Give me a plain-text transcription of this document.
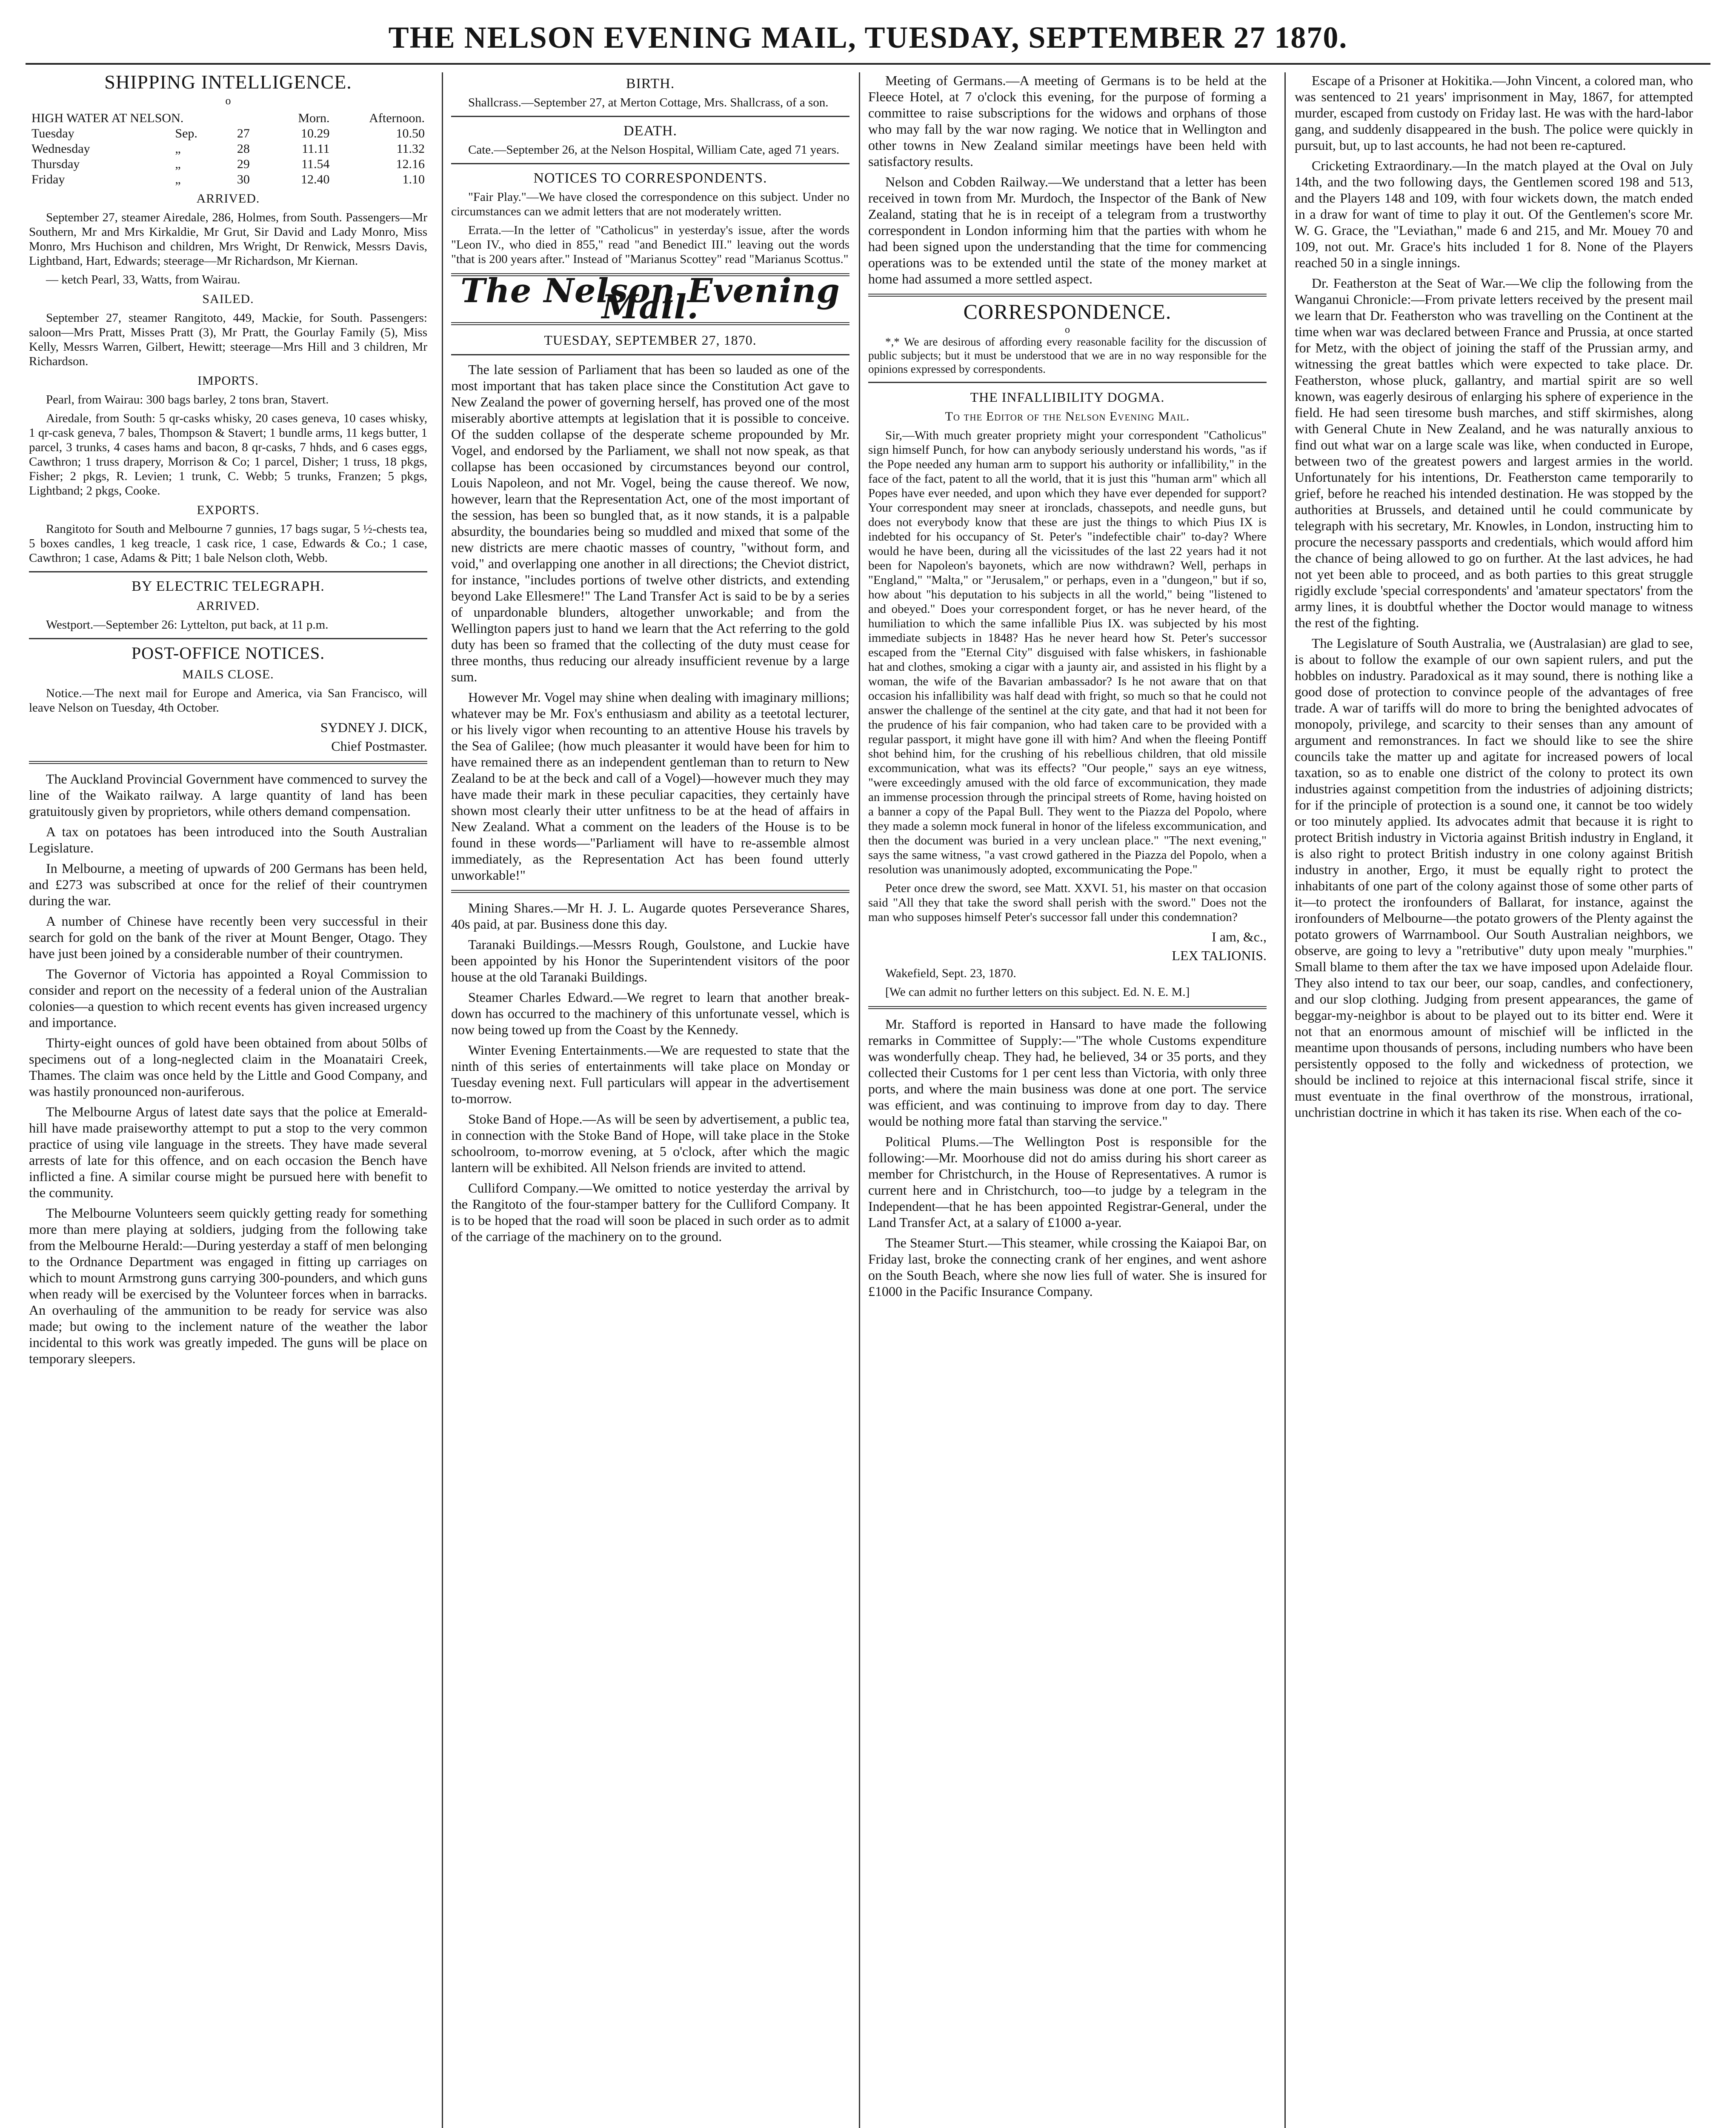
THE NELSON EVENING MAIL, TUESDAY, SEPTEMBER 27 1870.
SHIPPING INTELLIGENCE.
o
HIGH WATER AT NELSON.			Morn.	Afternoon.
Tuesday	Sep.	27	10.29	10.50
Wednesday	„	28	11.11	11.32
Thursday	„	29	11.54	12.16
Friday	„	30	12.40	1.10
ARRIVED.

September 27, steamer Airedale, 286, Holmes, from South. Passengers—Mr Southern, Mr and Mrs Kirkaldie, Mr Grut, Sir David and Lady Monro, Miss Monro, Mrs Huchison and children, Mrs Wright, Dr Renwick, Messrs Davis, Lightband, Hart, Edwards; steerage—Mr Richardson, Mr Kiernan.

— ketch Pearl, 33, Watts, from Wairau.

SAILED.

September 27, steamer Rangitoto, 449, Mackie, for South. Passengers: saloon—Mrs Pratt, Misses Pratt (3), Mr Pratt, the Gourlay Family (5), Miss Kelly, Messrs Warren, Gilbert, Hewitt; steerage—Mrs Hill and 3 children, Mr Richardson.

IMPORTS.

Pearl, from Wairau: 300 bags barley, 2 tons bran, Stavert.

Airedale, from South: 5 qr-casks whisky, 20 cases geneva, 10 cases whisky, 1 qr-cask geneva, 7 bales, Thompson & Stavert; 1 bundle arms, 11 kegs butter, 1 parcel, 3 trunks, 4 cases hams and bacon, 8 qr-casks, 7 hhds, and 6 cases eggs, Cawthron; 1 truss drapery, Morrison & Co; 1 parcel, Disher; 1 truss, 18 pkgs, Fisher; 2 pkgs, R. Levien; 1 trunk, C. Webb; 5 trunks, Franzen; 5 pkgs, Lightband; 2 pkgs, Cooke.

EXPORTS.

Rangitoto for South and Melbourne 7 gunnies, 17 bags sugar, 5 ½-chests tea, 5 boxes candles, 1 keg treacle, 1 cask rice, 1 case, Edwards & Co.; 1 case, Cawthron; 1 case, Adams & Pitt; 1 bale Nelson cloth, Webb.

BY ELECTRIC TELEGRAPH.
ARRIVED.

Westport.—September 26: Lyttelton, put back, at 11 p.m.

POST-OFFICE NOTICES.
MAILS CLOSE.

Notice.—The next mail for Europe and America, via San Francisco, will leave Nelson on Tuesday, 4th October.

SYDNEY J. DICK,
Chief Postmaster.

The Auckland Provincial Government have commenced to survey the line of the Waikato railway. A large quantity of land has been gratuitously given by proprietors, while others demand compensation.

A tax on potatoes has been introduced into the South Australian Legislature.

In Melbourne, a meeting of upwards of 200 Germans has been held, and £273 was subscribed at once for the relief of their countrymen during the war.

A number of Chinese have recently been very successful in their search for gold on the bank of the river at Mount Benger, Otago. They have just been joined by a considerable number of their countrymen.

The Governor of Victoria has appointed a Royal Commission to consider and report on the necessity of a federal union of the Australian colonies—a question to which recent events has given increased urgency and importance.

Thirty-eight ounces of gold have been obtained from about 50lbs of specimens out of a long-neglected claim in the Moanatairi Creek, Thames. The claim was once held by the Little and Good Company, and was hastily pronounced non-auriferous.

The Melbourne Argus of latest date says that the police at Emerald-hill have made praiseworthy attempt to put a stop to the very common practice of using vile language in the streets. They have made several arrests of late for this offence, and on each occasion the Bench have inflicted a fine. A similar course might be pursued here with benefit to the community.

The Melbourne Volunteers seem quickly getting ready for something more than mere playing at soldiers, judging from the following take from the Melbourne Herald:—During yesterday a staff of men belonging to the Ordnance Department was engaged in fitting up carriages on which to mount Armstrong guns carrying 300-pounders, and which guns when ready will be exercised by the Volunteer forces when in barracks. An overhauling of the ammunition to be ready for service was also made; but owing to the inclement nature of the weather the labor incidental to this work was greatly impeded. The guns will be place on temporary sleepers.

BIRTH.

Shallcrass.—September 27, at Merton Cottage, Mrs. Shallcrass, of a son.

DEATH.

Cate.—September 26, at the Nelson Hospital, William Cate, aged 71 years.

NOTICES TO CORRESPONDENTS.

"Fair Play."—We have closed the correspondence on this subject. Under no circumstances can we admit letters that are not moderately written.

Errata.—In the letter of "Catholicus" in yesterday's issue, after the words "Leon IV., who died in 855," read "and Benedict III." leaving out the words "that is 200 years after." Instead of "Marianus Scottey" read "Marianus Scottus."

The Nelson Evening Mail.
TUESDAY, SEPTEMBER 27, 1870.

The late session of Parliament that has been so lauded as one of the most important that has taken place since the Constitution Act gave to New Zealand the power of governing herself, has proved one of the most miserably abortive attempts at legislation that it is possible to conceive. Of the sudden collapse of the desperate scheme propounded by Mr. Vogel, and endorsed by the Parliament, we shall not now speak, as that collapse has been occasioned by circumstances beyond our control, Louis Napoleon, and not Mr. Vogel, being the cause thereof. We now, however, learn that the Representation Act, one of the most important of the session, has been so bungled that, as it now stands, it is a palpable absurdity, the boundaries being so muddled and mixed that some of the new districts are mere chaotic masses of country, "without form, and void," and overlapping one another in all directions; the Cheviot district, for instance, "includes portions of twelve other districts, and extending beyond Lake Ellesmere!" The Land Transfer Act is said to be by a series of unpardonable blunders, altogether unworkable; and from the Wellington papers just to hand we learn that the Act referring to the gold duty has been so framed that the collecting of the duty must cease for three months, thus reducing our already insufficient revenue by a large sum.

However Mr. Vogel may shine when dealing with imaginary millions; whatever may be Mr. Fox's enthusiasm and ability as a teetotal lecturer, or his lively vigor when recounting to an attentive House his travels by the Sea of Galilee; (how much pleasanter it would have been for him to have remained there as an independent gentleman than to return to New Zealand to be at the beck and call of a Vogel)—however much they may have made their mark in these peculiar capacities, they certainly have shown most clearly their utter unfitness to be at the head of affairs in New Zealand. What a comment on the leaders of the House is to be found in these words—"Parliament will have to re-assemble almost immediately, as the Representation Act has been found utterly unworkable!"

Mining Shares.—Mr H. J. L. Augarde quotes Perseverance Shares, 40s paid, at par. Business done this day.

Taranaki Buildings.—Messrs Rough, Goulstone, and Luckie have been appointed by his Honor the Superintendent visitors of the poor house at the old Taranaki Buildings.

Steamer Charles Edward.—We regret to learn that another break-down has occurred to the machinery of this unfortunate vessel, which is now being towed up from the Coast by the Kennedy.

Winter Evening Entertainments.—We are requested to state that the ninth of this series of entertainments will take place on Monday or Tuesday evening next. Full particulars will appear in the advertisement to-morrow.

Stoke Band of Hope.—As will be seen by advertisement, a public tea, in connection with the Stoke Band of Hope, will take place in the Stoke schoolroom, to-morrow evening, at 5 o'clock, after which the magic lantern will be exhibited. All Nelson friends are invited to attend.

Culliford Company.—We omitted to notice yesterday the arrival by the Rangitoto of the four-stamper battery for the Culliford Company. It is to be hoped that the road will soon be placed in such order as to admit of the carriage of the machinery on to the ground.

Meeting of Germans.—A meeting of Germans is to be held at the Fleece Hotel, at 7 o'clock this evening, for the purpose of forming a committee to raise subscriptions for the widows and orphans of those who may fall by the war now raging. We notice that in Wellington and other towns in New Zealand similar meetings have been held with satisfactory results.

Nelson and Cobden Railway.—We understand that a letter has been received in town from Mr. Murdoch, the Inspector of the Bank of New Zealand, stating that he is in receipt of a telegram from a trustworthy correspondent in London informing him that the parties with whom he had been signed upon the understanding that the time for commencing operations was to be extended until the state of the money market at home had assumed a more settled aspect.

CORRESPONDENCE.
o

*,* We are desirous of affording every reasonable facility for the discussion of public subjects; but it must be understood that we are in no way responsible for the opinions expressed by correspondents.

THE INFALLIBILITY DOGMA.
To the Editor of the Nelson Evening Mail.

Sir,—With much greater propriety might your correspondent "Catholicus" sign himself Punch, for how can anybody seriously understand his words, "as if the Pope needed any human arm to support his authority or infallibility," in the face of the fact, patent to all the world, that it is just this "human arm" which all Popes have ever needed, and upon which they have ever depended for support? Your correspondent may sneer at ironclads, chassepots, and needle guns, but does not everybody know that these are just the things to which Pius IX is indebted for his occupancy of St. Peter's "indefectible chair" to-day? Where would he have been, during all the vicissitudes of the last 22 years had it not been for Napoleon's bayonets, which are now withdrawn? Well, perhaps in "England," "Malta," or "Jerusalem," or perhaps, even in a "dungeon," but if so, how about "his deputation to his subjects in all the world," being "listened to and obeyed." Does your correspondent forget, or has he never heard, of the humiliation to which the same infallible Pius IX. was subjected by his most immediate subjects in 1848? Has he never heard how St. Peter's successor escaped from the "Eternal City" disguised with false whiskers, in fashionable hat and clothes, smoking a cigar with a jaunty air, and assisted in his flight by a woman, the wife of the Bavarian ambassador? Is he not aware that on that occasion his infallibility was half dead with fright, so much so that he could not answer the challenge of the sentinel at the city gate, and that had it not been for the prudence of his fair companion, who had taken care to be provided with a regular passport, it might have gone ill with him? And when the fleeing Pontiff shot behind him, for the crushing of his rebellious children, that old missile excommunication, what was its effects? "Our people," says an eye witness, "were exceedingly amused with the old farce of excommunication, they made an immense procession through the principal streets of Rome, having hoisted on a banner a copy of the Papal Bull. They went to the Piazza del Popolo, where they made a solemn mock funeral in honor of the lifeless excommunication, and then the document was buried in a very unclean place." "The next evening," says the same witness, "a vast crowd gathered in the Piazza del Popolo, when a resolution was unanimously adopted, excommunicating the Pope."

Peter once drew the sword, see Matt. XXVI. 51, his master on that occasion said "All they that take the sword shall perish with the sword." Does not the man who supposes himself Peter's successor fall under this condemnation?

I am, &c.,
LEX TALIONIS.

Wakefield, Sept. 23, 1870.

[We can admit no further letters on this subject. Ed. N. E. M.]

Mr. Stafford is reported in Hansard to have made the following remarks in Committee of Supply:—"The whole Customs expenditure was wonderfully cheap. They had, he believed, 34 or 35 ports, and they collected their Customs for 1 per cent less than Victoria, with only three ports, and where the main business was done at one port. The service was efficient, and was continuing to improve from day to day. There would be nothing more fatal than starving the service."

Political Plums.—The Wellington Post is responsible for the following:—Mr. Moorhouse did not do amiss during his short career as member for Christchurch, in the House of Representatives. A rumor is current here and in Christchurch, too—to judge by a telegram in the Independent—that he has been appointed Registrar-General, under the Land Transfer Act, at a salary of £1000 a-year.

The Steamer Sturt.—This steamer, while crossing the Kaiapoi Bar, on Friday last, broke the connecting crank of her engines, and went ashore on the South Beach, where she now lies full of water. She is insured for £1000 in the Pacific Insurance Company.

Escape of a Prisoner at Hokitika.—John Vincent, a colored man, who was sentenced to 21 years' imprisonment in May, 1867, for attempted murder, escaped from custody on Friday last. He was with the hard-labor gang, and suddenly disappeared in the bush. The police were quickly in pursuit, but, up to last accounts, he had not been re-captured.

Cricketing Extraordinary.—In the match played at the Oval on July 14th, and the two following days, the Gentlemen scored 198 and 513, and the Players 148 and 109, with four wickets down, the match ended in a draw for want of time to play it out. Of the Gentlemen's score Mr. W. G. Grace, the "Leviathan," made 6 and 215, and Mr. Mouey 70 and 109, not out. Mr. Grace's hits included 1 for 8. None of the Players reached 50 in a single innings.

Dr. Featherston at the Seat of War.—We clip the following from the Wanganui Chronicle:—From private letters received by the present mail we learn that Dr. Featherston who was travelling on the Continent at the time when war was declared between France and Prussia, at once started for Metz, with the object of joining the staff of the Prussian army, and witnessing the great battles which were expected to take place. Dr. Featherston, whose pluck, gallantry, and martial spirit are so well known, was eagerly desirous of enlarging his sphere of experience in the field. He had seen tiresome bush marches, and stiff skirmishes, along with General Chute in New Zealand, and he was naturally anxious to find out what war on a large scale was like, when conducted in Europe, between two of the greatest powers and largest armies in the world. Unfortunately for his intentions, Dr. Featherston came temporarily to grief, before he reached his intended destination. He was stopped by the authorities at Brussels, and detained until he could communicate by telegraph with his secretary, Mr. Knowles, in London, instructing him to procure the necessary passports and credentials, which would afford him the chance of being allowed to go on further. At the last advices, he had not yet been able to proceed, and as both parties to this great struggle rigidly exclude 'special correspondents' and 'amateur spectators' from the army lines, it is doubtful whether the Doctor would manage to witness the rest of the fighting.

The Legislature of South Australia, we (Australasian) are glad to see, is about to follow the example of our own sapient rulers, and put the hobbles on industry. Paradoxical as it may sound, there is nothing like a good dose of protection to convince people of the advantages of free trade. A war of tariffs will do more to bring the benighted advocates of monopoly, privilege, and scarcity to their senses than any amount of argument and remonstrances. In fact we should like to see the shire councils take the matter up and agitate for increased powers of local taxation, so as to enable one district of the colony to protect its own industries against competition from the industries of adjoining districts; for if the principle of protection is a sound one, it cannot be too widely or too minutely applied. Its advocates admit that because it is right to protect British industry in Victoria against British industry in England, it is also right to protect British industry in one colony against British industry in another, Ergo, it must be equally right to protect the inhabitants of one part of the colony against those of some other parts of it—to protect the ironfounders of Ballarat, for instance, against the ironfounders of Melbourne—the potato growers of the Plenty against the potato growers of Warrnambool. Our South Australian neighbors, we observe, are going to levy a "retributive" duty upon mealy "murphies." Small blame to them after the tax we have imposed upon Adelaide flour. They also intend to tax our beer, our soap, candles, and confectionery, and our slop clothing. Judging from present appearances, the game of beggar-my-neighbor is about to be played out to its bitter end. Were it not that an enormous amount of mischief will be inflicted in the meantime upon thousands of persons, including numbers who have been persistently opposed to the folly and wickedness of protection, we should be inclined to rejoice at this internacional fiscal strife, since it must eventuate in the final overthrow of the monstrous, irrational, unchristian doctrine in which it has taken its rise. When each of the co-
